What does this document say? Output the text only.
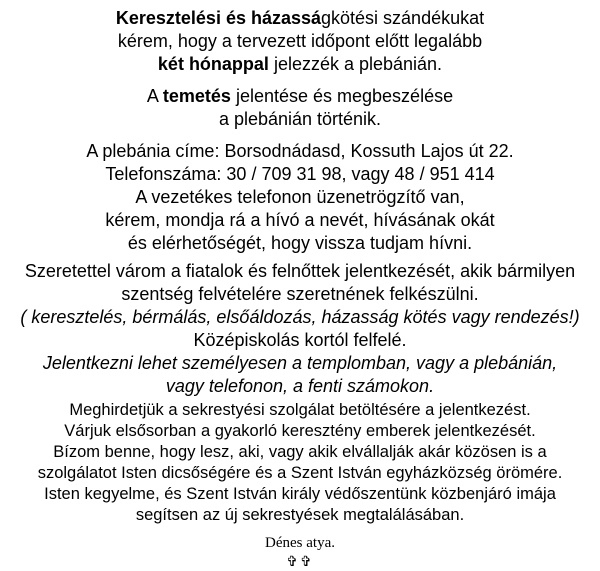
Keresztelési és házasságkötési szándékukat
kérem, hogy a tervezett időpont előtt legalább
két hónappal jelezzék a plebánián.

A temetés jelentése és megbeszélése
a plebánián történik.

A plebánia címe: Borsodnádasd, Kossuth Lajos út 22.
Telefonszáma: 30 / 709 31 98, vagy 48 / 951 414
A vezetékes telefonon üzenetrögzítő van,
kérem, mondja rá a hívó a nevét, hívásának okát
és elérhetőségét, hogy vissza tudjam hívni.

Szeretettel várom a fiatalok és felnőttek jelentkezését, akik bármilyen
szentség felvételére szeretnének felkészülni.
( keresztelés, bérmálás, elsőáldozás, házasság kötés vagy rendezés!)
Középiskolás kortól felfelé.
Jelentkezni lehet személyesen a templomban, vagy a plebánián,
vagy telefonon, a fenti számokon.

Meghirdetjük a sekrestyési szolgálat betöltésére a jelentkezést.
Várjuk elsősorban a gyakorló keresztény emberek jelentkezését.
Bízom benne, hogy lesz, aki, vagy akik elvállalják akár közösen is a
szolgálatot Isten dicsőségére és a Szent István egyházközség örömére.
Isten kegyelme, és Szent István király védőszentünk közbenjáró imája
segítsen az új sekrestyések megtalálásában.

Dénes atya.
✞✞
